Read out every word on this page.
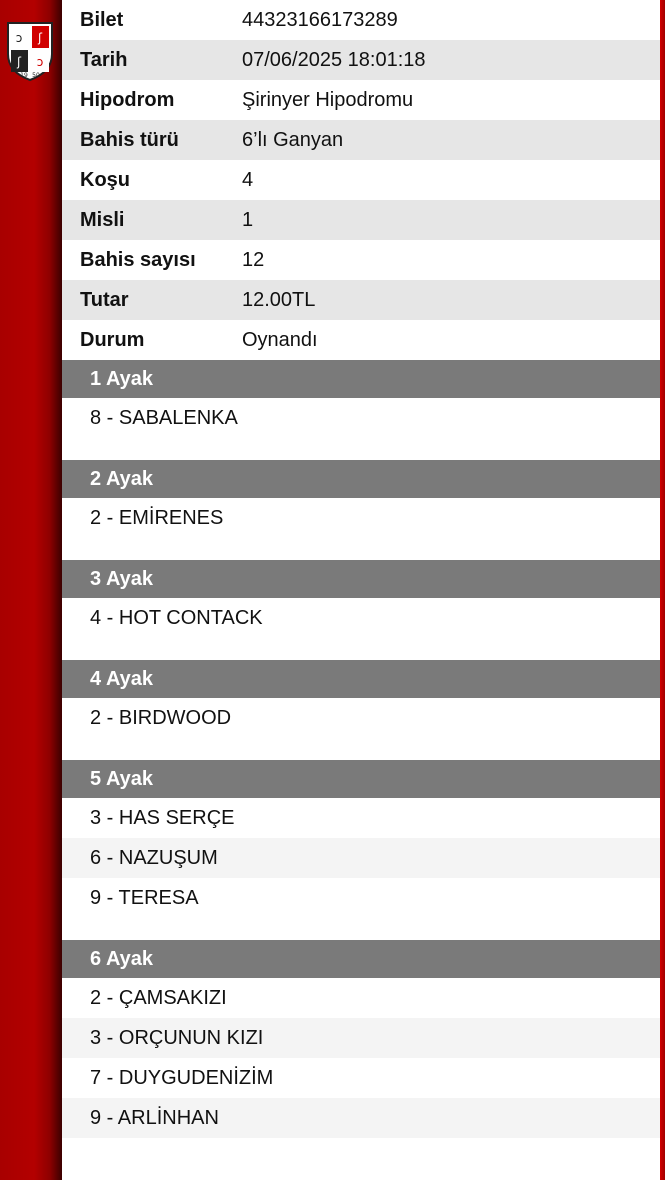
ↄ ʃ
ʃ ↄ
19 50
Bilet	44323166173289
Tarih	07/06/2025 18:01:18
Hipodrom	Şirinyer Hipodromu
Bahis türü	6’lı Ganyan
Koşu	4
Misli	1
Bahis sayısı	12
Tutar	12.00TL
Durum	Oynandı
1 Ayak
8 - SABALENKA
2 Ayak
2 - EMİRENES
3 Ayak
4 - HOT CONTACK
4 Ayak
2 - BIRDWOOD
5 Ayak
3 - HAS SERÇE
6 - NAZUŞUM
9 - TERESA
6 Ayak
2 - ÇAMSAKIZI
3 - ORÇUNUN KIZI
7 - DUYGUDENİZİM
9 - ARLİNHAN
